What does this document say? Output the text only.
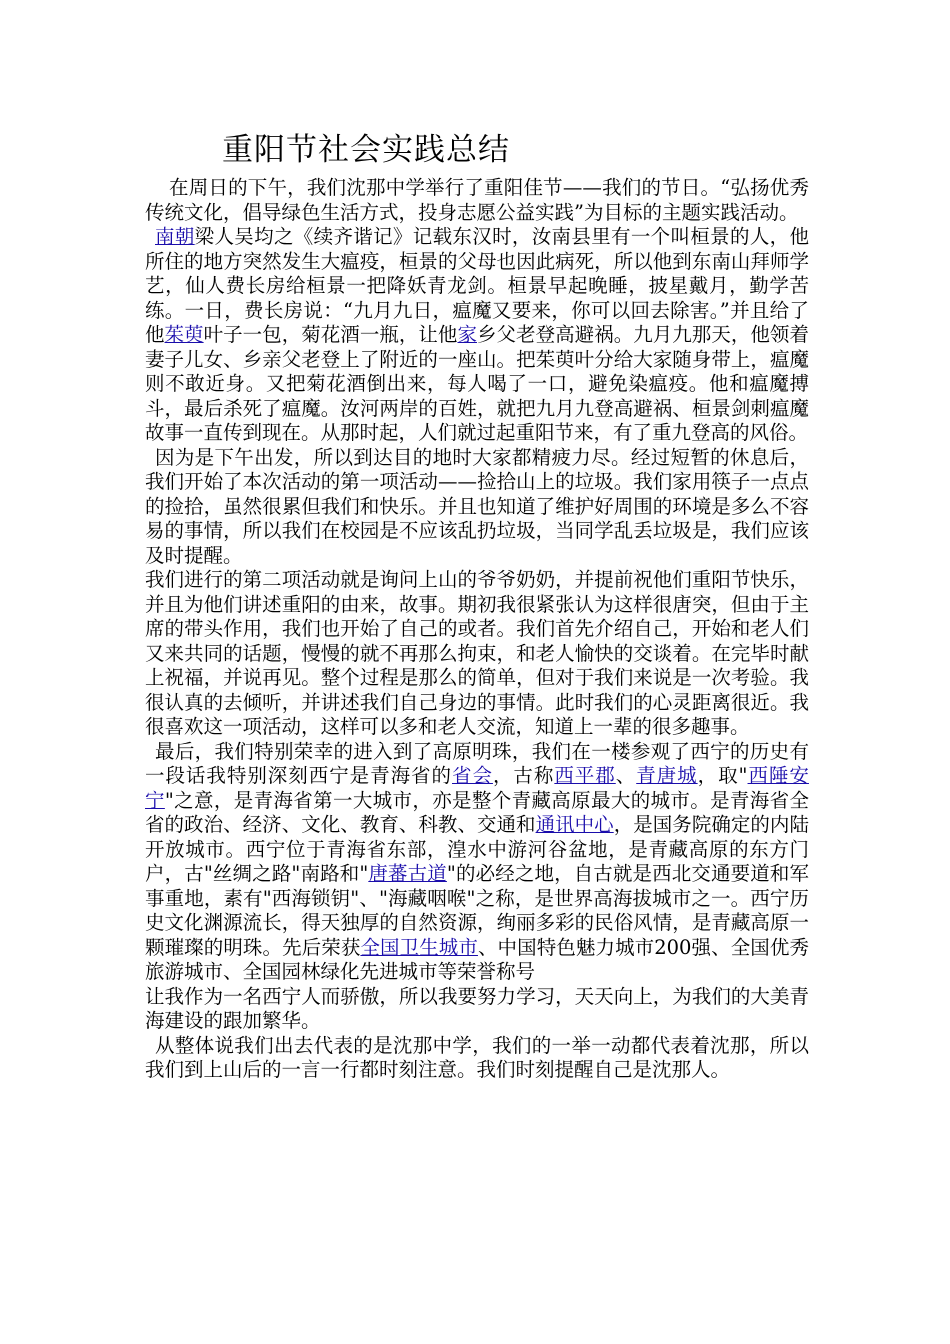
重阳节社会实践总结

在周日的下午，我们沈那中学举行了重阳佳节——我们的节日。“弘扬优秀传统文化，倡导绿色生活方式，投身志愿公益实践”为目标的主题实践活动。

南朝梁人吴均之《续齐谐记》记载东汉时，汝南县里有一个叫桓景的人，他所住的地方突然发生大瘟疫，桓景的父母也因此病死，所以他到东南山拜师学艺，仙人费长房给桓景一把降妖青龙剑。桓景早起晚睡，披星戴月，勤学苦练。一日，费长房说：“九月九日，瘟魔又要来，你可以回去除害。”并且给了他茱萸叶子一包，菊花酒一瓶，让他家乡父老登高避祸。九月九那天，他领着妻子儿女、乡亲父老登上了附近的一座山。把茱萸叶分给大家随身带上，瘟魔则不敢近身。又把菊花酒倒出来，每人喝了一口，避免染瘟疫。他和瘟魔搏斗，最后杀死了瘟魔。汝河两岸的百姓，就把九月九登高避祸、桓景剑刺瘟魔故事一直传到现在。从那时起，人们就过起重阳节来，有了重九登高的风俗。

因为是下午出发，所以到达目的地时大家都精疲力尽。经过短暂的休息后，我们开始了本次活动的第一项活动——捡拾山上的垃圾。我们家用筷子一点点的捡拾，虽然很累但我们和快乐。并且也知道了维护好周围的环境是多么不容易的事情，所以我们在校园是不应该乱扔垃圾，当同学乱丢垃圾是，我们应该及时提醒。

我们进行的第二项活动就是询问上山的爷爷奶奶，并提前祝他们重阳节快乐，并且为他们讲述重阳的由来，故事。期初我很紧张认为这样很唐突，但由于主席的带头作用，我们也开始了自己的或者。我们首先介绍自己，开始和老人们又来共同的话题，慢慢的就不再那么拘束，和老人愉快的交谈着。在完毕时献上祝福，并说再见。整个过程是那么的简单，但对于我们来说是一次考验。我很认真的去倾听，并讲述我们自己身边的事情。此时我们的心灵距离很近。我很喜欢这一项活动，这样可以多和老人交流，知道上一辈的很多趣事。

最后，我们特别荣幸的进入到了高原明珠，我们在一楼参观了西宁的历史有一段话我特别深刻西宁是青海省的省会，古称西平郡、青唐城，取"西陲安宁"之意，是青海省第一大城市，亦是整个青藏高原最大的城市。是青海省全省的政治、经济、文化、教育、科教、交通和通讯中心，是国务院确定的内陆开放城市。西宁位于青海省东部，湟水中游河谷盆地，是青藏高原的东方门户，古"丝绸之路"南路和"唐蕃古道"的必经之地，自古就是西北交通要道和军事重地，素有"西海锁钥"、"海藏咽喉"之称，是世界高海拔城市之一。西宁历史文化渊源流长，得天独厚的自然资源，绚丽多彩的民俗风情，是青藏高原一颗璀璨的明珠。先后荣获全国卫生城市、中国特色魅力城市200强、全国优秀旅游城市、全国园林绿化先进城市等荣誉称号

让我作为一名西宁人而骄傲，所以我要努力学习，天天向上，为我们的大美青海建设的跟加繁华。

从整体说我们出去代表的是沈那中学，我们的一举一动都代表着沈那，所以我们到上山后的一言一行都时刻注意。我们时刻提醒自己是沈那人。
